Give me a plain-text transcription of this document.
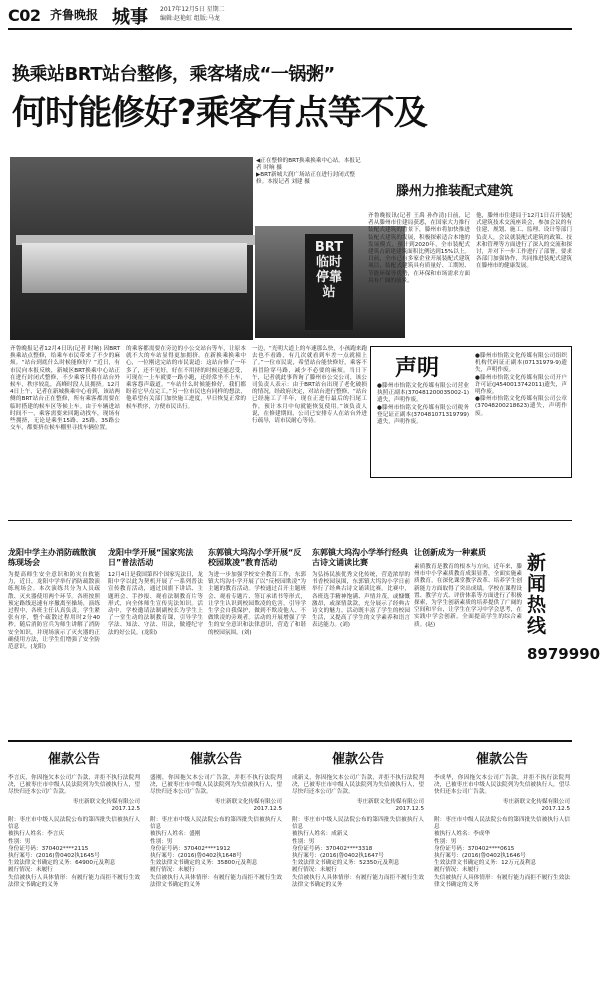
C02 齐鲁晚报 城事 2017年12月5日 星期二
编辑:赵艳虹 组版:马龙
换乘站BRT站台整修，乘客堵成“一锅粥”
何时能修好?乘客有点等不及
◀正在整修的BRT换乘换乘中心站。本报记者 时晌 摄
▶BRT新城大润广场站正在进行封闭式整修。本报记者 刘建 摄
BRT临时停靠站
齐鲁晚报记者12月4日讯(记者 时晌) 因BRT换乘站点整修，给乘车市民带来了不少的麻烦。“站台到底什么时候能修好？”近日，有市民向本报反映，新城区BRT换乘中心站正在进行封闭式整修，不少乘客只得在站台外候车，秩序较乱，高峰时段人员拥挤。12月4日上午，记者在新城换乘中心看到，该站两侧的BRT站台正在整修，所有乘客都需要在临时搭建的候车区等候上车。由于车辆进站时间不一，乘客需要来回跑动找车，现场有些拥挤，无论是乘坐15路、25路、35路公交车，都要挤在候车棚里寻找车辆位置。
的乘客都需要在旁边的小公交站台等车，让原本就不大的车站显得更加拥挤。在新换乘换乘中心，一位刚送完站的市民说道：这站台修了一年多了，还不见好，好在不用挤的时候还能忍受，可现在一上车就要一路小跑，还经常坐不上车，乘客怨声载道。“车站什么时候能修好，我们都盼着它早点完工。”另一位市民也有同样的想法，他希望有关部门加快施工进度，早日恢复正常的候车秩序，方便市民出行。
一边，“光明大道上的车速那么快，小孩跑来跑去也不看路，有几次就看到车差一点就撞上了。”一位市民说，希望站台能快修好，乘客不再冒险穿马路，减少不必要的麻烦。当日下午，记者就此事咨询了滕州市公交公司，该公司负责人表示：由于BRT站台出现了老化破损的情况，经政府决定，对站台进行整修，“站台已经施工了半年，现在正进行最后的扫尾工作，预计本月中旬就能恢复使用。”该负责人说，在修建期间，公司已安排专人在站台外进行疏导，请市民耐心等待。
滕州力推装配式建筑
齐鲁晚报讯(记者 王禹 孙作清)日前，记者从滕州市住建局获悉，在国家大力推行装配式建筑的背景下，滕州市将加快推进装配式建筑的发展，积极探索适合本地的发展模式，预计到2020年，全市装配式建筑占新建建筑面积比例达到15%以上。目前，全市已有多家企业开展装配式建筑项目，装配式建筑具有质量好、工期短、节能环保等优势，在环保和市场需求方面具有广阔的前景。
他，滕州市住建局于12月1日召开装配式建筑技术交流座谈会，参加会议的有住建、规划、施工、监理、设计等部门负责人，会议就装配式建筑的政策、技术和管理等方面进行了深入的交流和探讨，并对下一步工作进行了部署，要求各部门加强协作，共同推进装配式建筑在滕州市的健康发展。
声明
●滕州市怡铭文化传媒有限公司营业执照正副本(370481200035002-1)遗失，声明作废。
●滕州市怡铭文化传媒有限公司税务登记证正副本(370481071319799)遗失，声明作废。
●滕州市怡铭文化传媒有限公司组织机构代码证正副本(07131979-9)遗失，声明作废。
●滕州市怡铭文化传媒有限公司开户许可证(J4540013742011)遗失，声明作废。
●滕州市怡铭文化传媒有限公司公章(37048200218623)遗失，声明作废。
龙阳中学主办消防疏散演练现场会
为提高师生安全意识和防灾自救能力，近日，龙阳中学举行消防疏散演练现场会。本次演练共分为人员疏散、灭火器使用两个环节。各班按照预定路线迅速有序撤离至操场，演练过程中，各班主任认真负责，学生紧张有序，整个疏散过程用时2分40秒。随后消防官兵为师生讲解了消防安全知识，并现场演示了灭火器的正确使用方法，让学生们增强了安全防范意识。(龙阳)
龙阳中学开展“国家宪法日”普法活动
12月4日是我国第四个国家宪法日，龙阳中学以此为契机开展了一系列普法宣传教育活动，通过国旗下讲话、主题班会、手抄报、观看法制教育片等形式，向全体师生宣传宪法知识。活动中，学校邀请法制副校长为学生上了一堂生动的法制教育课，引导学生学法、知法、守法、用法，做遵纪守法的好公民。(龙阳)
东郭镇大坞沟小学开展“反校园欺凌”教育活动
为进一步加强学校安全教育工作，东郭镇大坞沟小学开展了以“反校园欺凌”为主题的教育活动。学校通过召开主题班会、观看专题片、签订承诺书等形式，让学生认识到校园欺凌的危害，引导学生学会自我保护，做到不欺凌他人、不做欺凌的旁观者。活动的开展增强了学生的安全意识和法律意识，营造了和谐的校园氛围。(刘)
东郭镇大坞沟小学举行经典古诗文诵读比赛
为弘扬民族优秀文化传统，营造浓厚的书香校园氛围，东郭镇大坞沟小学日前举行了经典古诗文诵读比赛。比赛中，各班选手精神饱满、声情并茂，或慷慨激昂，或深情款款，充分展示了经典古诗文的魅力。活动既丰富了学生的校园生活，又提高了学生的文学素养和语言表达能力。(刘)
让创新成为一种素质
素质教育是教育的根本与方向，近年来，滕州市中小学素质教育成果显著，全面实施素质教育，在深化课堂教学改革、培养学生创新能力方面取得了突出成绩。学校在课程设置、教学方式、评价体系等方面进行了积极探索，为学生创新素质的培养提供了广阔的空间和平台，让学生在学习中学会思考，在实践中学会创新，全面提高学生的综合素质。(赵)
新闻热线
8979990
催款公告
李言庆，你因拖欠本公司广告款，并拒不执行法院判决，已被枣庄市中级人民法院列为失信被执行人，望尽快归还本公司广告款。
枣庄新联文化传媒有限公司
2017.12.5
附：枣庄市中级人民法院公布的第四批失信被执行人信息
被执行人姓名：李言庆
性别：男
身份证号码：370402****2115
执行案号：(2016)鲁0402执1645号
生效法律文书确定的义务：64900元及利息
履行情况：未履行
失信被执行人具体情形：有履行能力而拒不履行生效法律文书确定的义务
催款公告
盛刚，你因拖欠本公司广告款，并拒不执行法院判决，已被枣庄市中级人民法院列为失信被执行人，望尽快归还本公司广告款。
枣庄新联文化传媒有限公司
2017.12.5
附：枣庄市中级人民法院公布的第四批失信被执行人信息
被执行人姓名：盛刚
性别：男
身份证号码：370402****1912
执行案号：(2016)鲁0402执1648号
生效法律文书确定的义务：35800元及利息
履行情况：未履行
失信被执行人具体情形：有履行能力而拒不履行生效法律文书确定的义务
催款公告
成新义，你因拖欠本公司广告款，并拒不执行法院判决，已被枣庄市中级人民法院列为失信被执行人，望尽快归还本公司广告款。
枣庄新联文化传媒有限公司
2017.12.5
附：枣庄市中级人民法院公布的第四批失信被执行人信息
被执行人姓名：成新义
性别：男
身份证号码：370402****3318
执行案号：(2016)鲁0402执1647号
生效法律文书确定的义务：52350元及利息
履行情况：未履行
失信被执行人具体情形：有履行能力而拒不履行生效法律文书确定的义务
催款公告
李成华，你因拖欠本公司广告款，并拒不执行法院判决，已被枣庄市中级人民法院列为失信被执行人，望尽快归还本公司广告款。
枣庄新联文化传媒有限公司
2017.12.5
附：枣庄市中级人民法院公布的第四批失信被执行人信息
被执行人姓名：李成华
性别：男
身份证号码：370402****0615
执行案号：(2016)鲁0402执1646号
生效法律文书确定的义务：12万元及利息
履行情况：未履行
失信被执行人具体情形：有履行能力而拒不履行生效法律文书确定的义务
